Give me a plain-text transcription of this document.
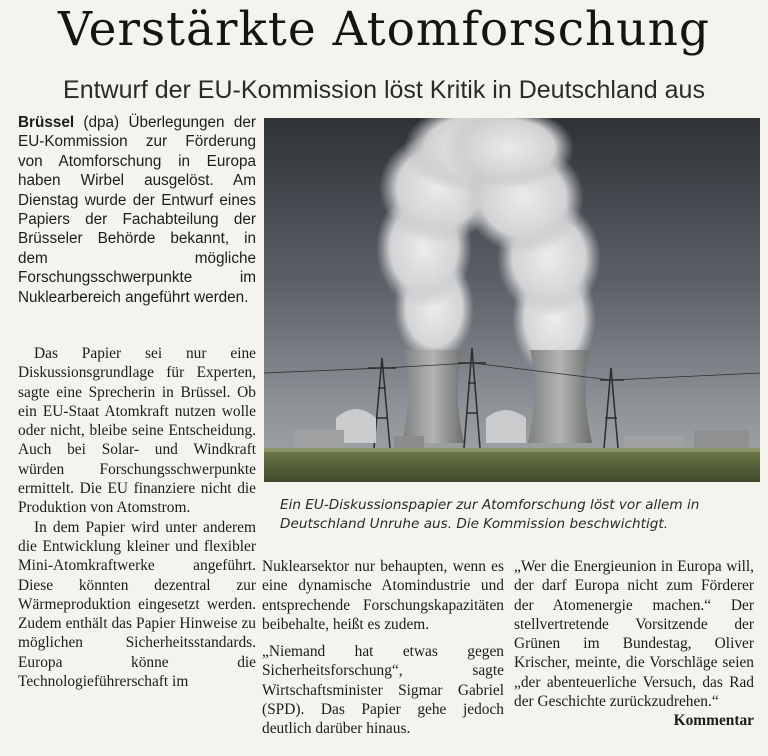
Verstärkte Atomforschung
Entwurf der EU-Kommission löst Kritik in Deutschland aus

Brüssel (dpa) Überlegungen der EU-Kommission zur Förderung von Atomforschung in Europa haben Wirbel ausgelöst. Am Dienstag wurde der Entwurf eines Papiers der Fachabteilung der Brüsseler Behörde bekannt, in dem mögliche Forschungsschwerpunkte im Nuklearbereich angeführt werden.

Das Papier sei nur eine Diskussionsgrundlage für Experten, sagte eine Sprecherin in Brüssel. Ob ein EU-Staat Atomkraft nutzen wolle oder nicht, bleibe seine Entscheidung. Auch bei Solar- und Windkraft würden Forschungsschwerpunkte ermittelt. Die EU finanziere nicht die Produktion von Atomstrom.

In dem Papier wird unter anderem die Entwicklung kleiner und flexibler Mini-Atomkraftwerke angeführt. Diese könnten dezentral zur Wärmeproduktion eingesetzt werden. Zudem enthält das Papier Hinweise zu möglichen Sicherheitsstandards. Europa könne die Technologieführerschaft im

Ein EU-Diskussionspapier zur Atomforschung löst vor allem in Deutschland Unruhe aus. Die Kommission beschwichtigt.

Nuklearsektor nur behaupten, wenn es eine dynamische Atomindustrie und entsprechende Forschungskapazitäten beibehalte, heißt es zudem.

„Niemand hat etwas gegen Sicherheitsforschung“, sagte Wirtschaftsminister Sigmar Gabriel (SPD). Das Papier gehe jedoch deutlich darüber hinaus.

„Wer die Energieunion in Europa will, der darf Europa nicht zum Förderer der Atomenergie machen.“ Der stellvertretende Vorsitzende der Grünen im Bundestag, Oliver Krischer, meinte, die Vorschläge seien „der abenteuerliche Versuch, das Rad der Geschichte zurückzudrehen.“

Kommentar
